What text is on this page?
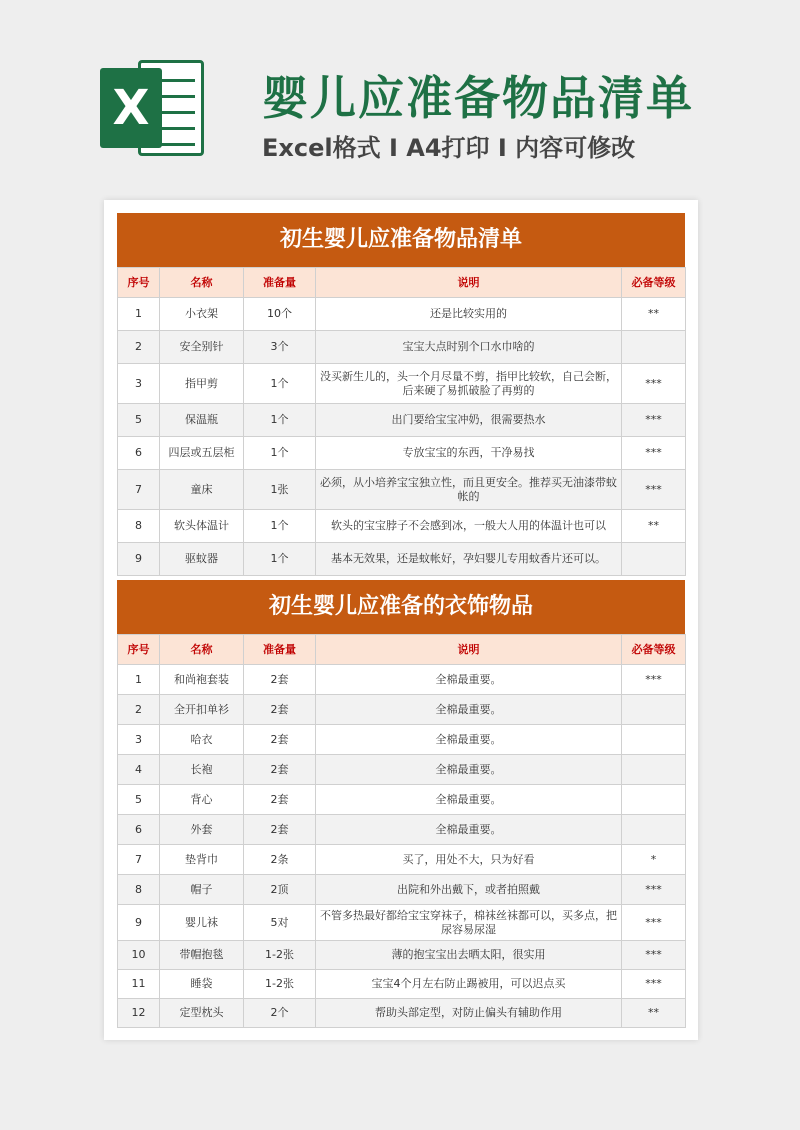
X 婴儿应准备物品清单
Excel格式 I A4打印 I 内容可修改
初生婴儿应准备物品清单
序号	名称	准备量	说明	必备等级
1	小衣架	10个	还是比较实用的	**
2	安全别针	3个	宝宝大点时别个口水巾啥的	
3	指甲剪	1个	没买新生儿的，头一个月尽量不剪，指甲比较软，自己会断，后来硬了易抓破脸了再剪的	***
5	保温瓶	1个	出门要给宝宝冲奶，很需要热水	***
6	四层或五层柜	1个	专放宝宝的东西，干净易找	***
7	童床	1张	必须，从小培养宝宝独立性，而且更安全。推荐买无油漆带蚊帐的	***
8	软头体温计	1个	软头的宝宝脖子不会感到冰，一般大人用的体温计也可以	**
9	驱蚊器	1个	基本无效果，还是蚊帐好，孕妇婴儿专用蚊香片还可以。	
初生婴儿应准备的衣饰物品
序号	名称	准备量	说明	必备等级
1	和尚袍套装	2套	全棉最重要。	***
2	全开扣单衫	2套	全棉最重要。	
3	哈衣	2套	全棉最重要。	
4	长袍	2套	全棉最重要。	
5	背心	2套	全棉最重要。	
6	外套	2套	全棉最重要。	
7	垫背巾	2条	买了，用处不大，只为好看	*
8	帽子	2顶	出院和外出戴下，或者拍照戴	***
9	婴儿袜	5对	不管多热最好都给宝宝穿袜子，棉袜丝袜都可以，买多点，把尿容易尿湿	***
10	带帽抱毯	1-2张	薄的抱宝宝出去晒太阳，很实用	***
11	睡袋	1-2张	宝宝4个月左右防止踢被用，可以迟点买	***
12	定型枕头	2个	帮助头部定型，对防止偏头有辅助作用	**
